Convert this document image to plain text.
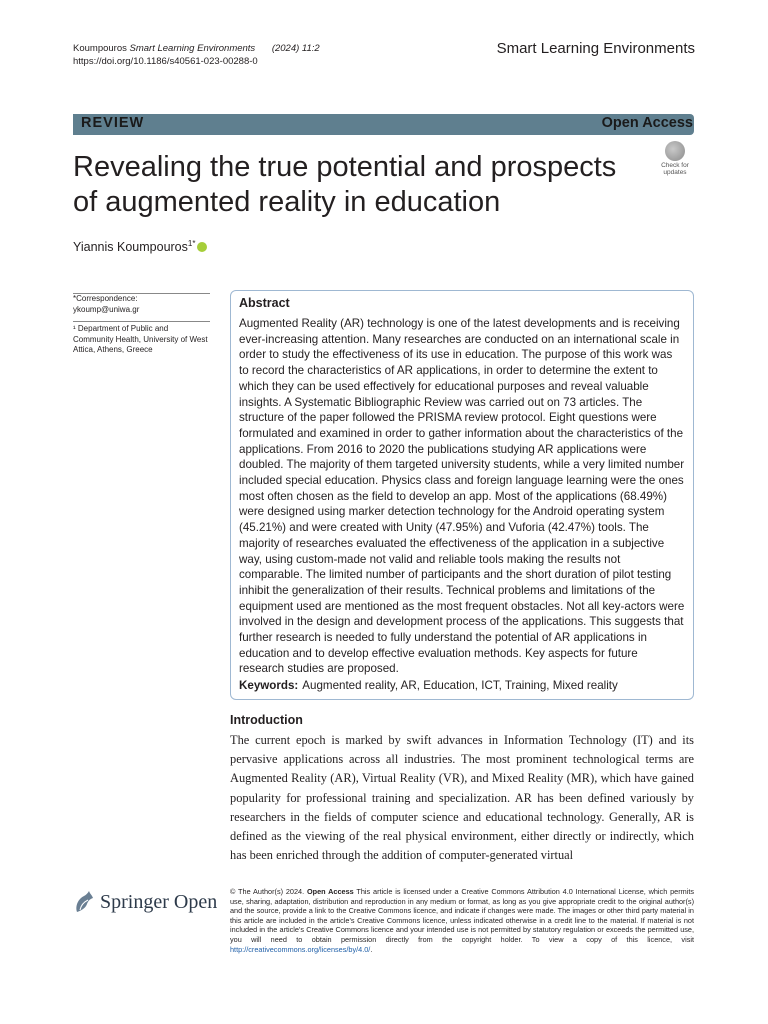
Koumpouros Smart Learning Environments (2024) 11:2
https://doi.org/10.1186/s40561-023-00288-0
Smart Learning Environments
REVIEW	Open Access
Revealing the true potential and prospects of augmented reality in education
Check for
updates
Yiannis Koumpouros$^{1*}$
*Correspondence:
ykoump@uniwa.gr
¹ Department of Public and Community Health, University of West Attica, Athens, Greece
Abstract
Augmented Reality (AR) technology is one of the latest developments and is receiving ever-increasing attention. Many researches are conducted on an international scale in order to study the effectiveness of its use in education. The purpose of this work was to record the characteristics of AR applications, in order to determine the extent to which they can be used effectively for educational purposes and reveal valuable insights. A Systematic Bibliographic Review was carried out on 73 articles. The structure of the paper followed the PRISMA review protocol. Eight questions were formulated and examined in order to gather information about the characteristics of the applications. From 2016 to 2020 the publications studying AR applications were doubled. The majority of them targeted university students, while a very limited number included special education. Physics class and foreign language learning were the ones most often chosen as the field to develop an app. Most of the applications (68.49%) were designed using marker detection technology for the Android operating system (45.21%) and were created with Unity (47.95%) and Vuforia (42.47%) tools. The majority of researches evaluated the effectiveness of the application in a subjective way, using custom-made not valid and reliable tools making the results not comparable. The limited number of participants and the short duration of pilot testing inhibit the generalization of their results. Technical problems and limitations of the equipment used are mentioned as the most frequent obstacles. Not all key-actors were involved in the design and development process of the applications. This suggests that further research is needed to fully understand the potential of AR applications in education and to develop effective evaluation methods. Key aspects for future research studies are proposed.
Keywords: Augmented reality, AR, Education, ICT, Training, Mixed reality
Introduction
The current epoch is marked by swift advances in Information Technology (IT) and its pervasive applications across all industries. The most prominent technological terms are Augmented Reality (AR), Virtual Reality (VR), and Mixed Reality (MR), which have gained popularity for professional training and specialization. AR has been defined variously by researchers in the fields of computer science and educational technology. Generally, AR is defined as the viewing of the real physical environment, either directly or indirectly, which has been enriched through the addition of computer-generated virtual
Springer Open © The Author(s) 2024. Open Access This article is licensed under a Creative Commons Attribution 4.0 International License, which permits use, sharing, adaptation, distribution and reproduction in any medium or format, as long as you give appropriate credit to the original author(s) and the source, provide a link to the Creative Commons licence, and indicate if changes were made. The images or other third party material in this article are included in the article's Creative Commons licence, unless indicated otherwise in a credit line to the material. If material is not included in the article's Creative Commons licence and your intended use is not permitted by statutory regulation or exceeds the permitted use, you will need to obtain permission directly from the copyright holder. To view a copy of this licence, visit http://creativecommons.org/licenses/by/4.0/.
